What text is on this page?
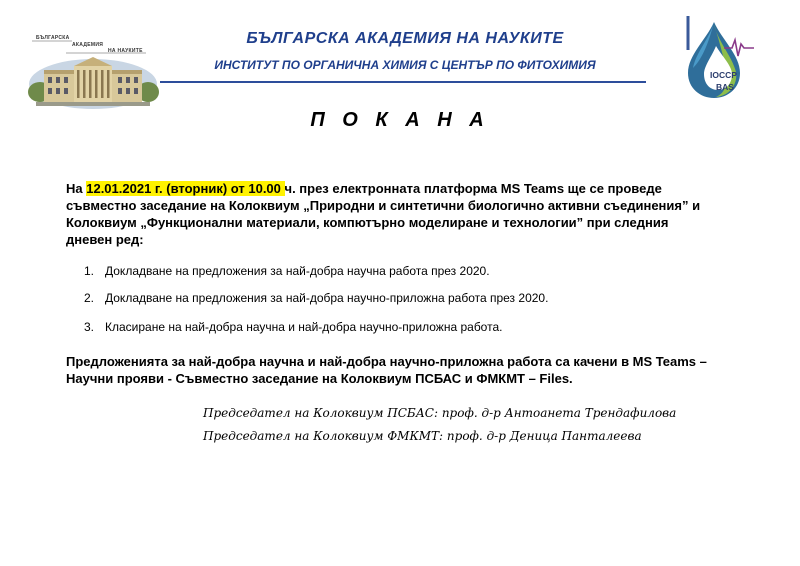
БЪЛГАРСКА
АКАДЕМИЯ
НА НАУКИТЕ
БЪЛГАРСКА АКАДЕМИЯ НА НАУКИТЕ
ИНСТИТУТ ПО ОРГАНИЧНА ХИМИЯ С ЦЕНТЪР ПО ФИТОХИМИЯ
IOCCP
BAS
П О К А Н А
На 12.01.2021 г. (вторник) от 10.00 ч. през електронната платформа MS Teams ще се проведе
съвместно заседание на Колоквиум „Природни и синтетични биологично активни съединения” и
Колоквиум „Функционални материали, компютърно моделиране и технологии” при следния
дневен ред:
1. Докладване на предложения за най-добра научна работа през 2020.
2. Докладване на предложения за най-добра научно-приложна работа през 2020.
3. Класиране на най-добра научна и най-добра научно-приложна работа.
Предложенията за най-добра научна и най-добра научно-приложна работа са качени в MS Teams –
Научни прояви - Съвместно заседание на Колоквиум ПСБАС и ФМКМТ – Files.
Председател на Колоквиум ПСБАС: проф. д-р Антоанета Трендафилова
Председател на Колоквиум ФМКМТ: проф. д-р Деница Панталеева
